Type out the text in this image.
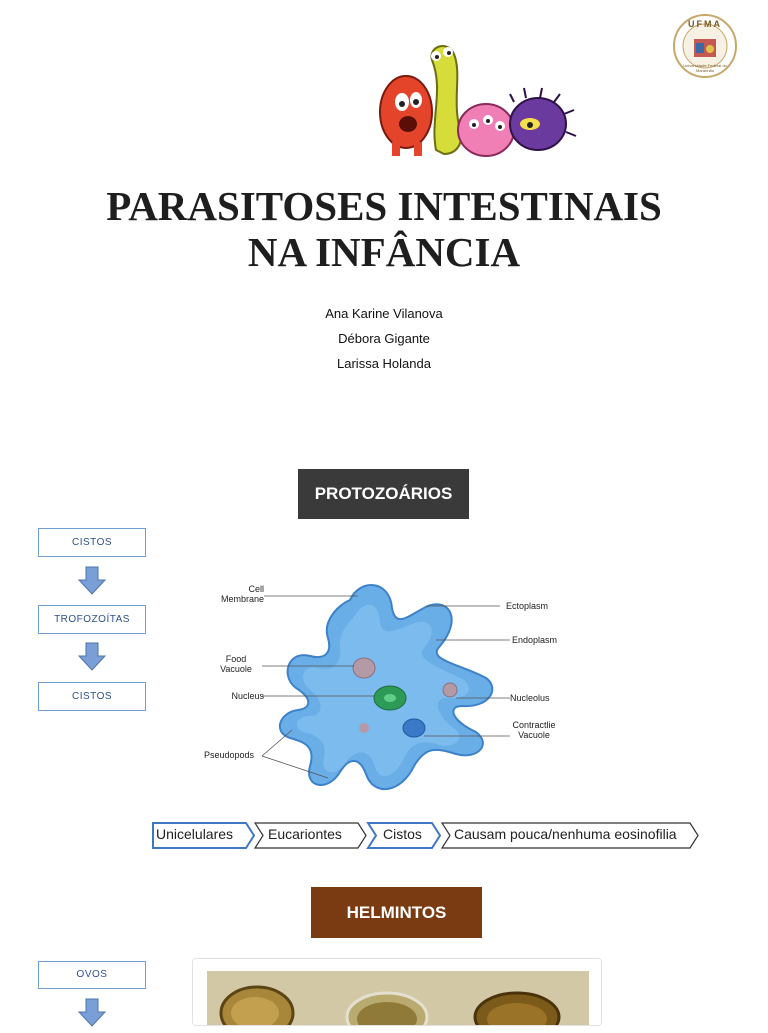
UFMA
Universidade Federal do Maranhão
PARASITOSES INTESTINAIS
NA INFÂNCIA
Ana Karine Vilanova
Débora Gigante
Larissa Holanda
PROTOZOÁRIOS
CISTOS
TROFOZOÍTAS
CISTOS
Cell
Membrane
Ectoplasm
Endoplasm
Food
Vacuole
Nucleus	Nucleolus
Contractlie
Vacuole
Pseudopods
Unicelulares Eucariontes	Cistos Causam pouca/nenhuma eosinofilia
HELMINTOS
OVOS
